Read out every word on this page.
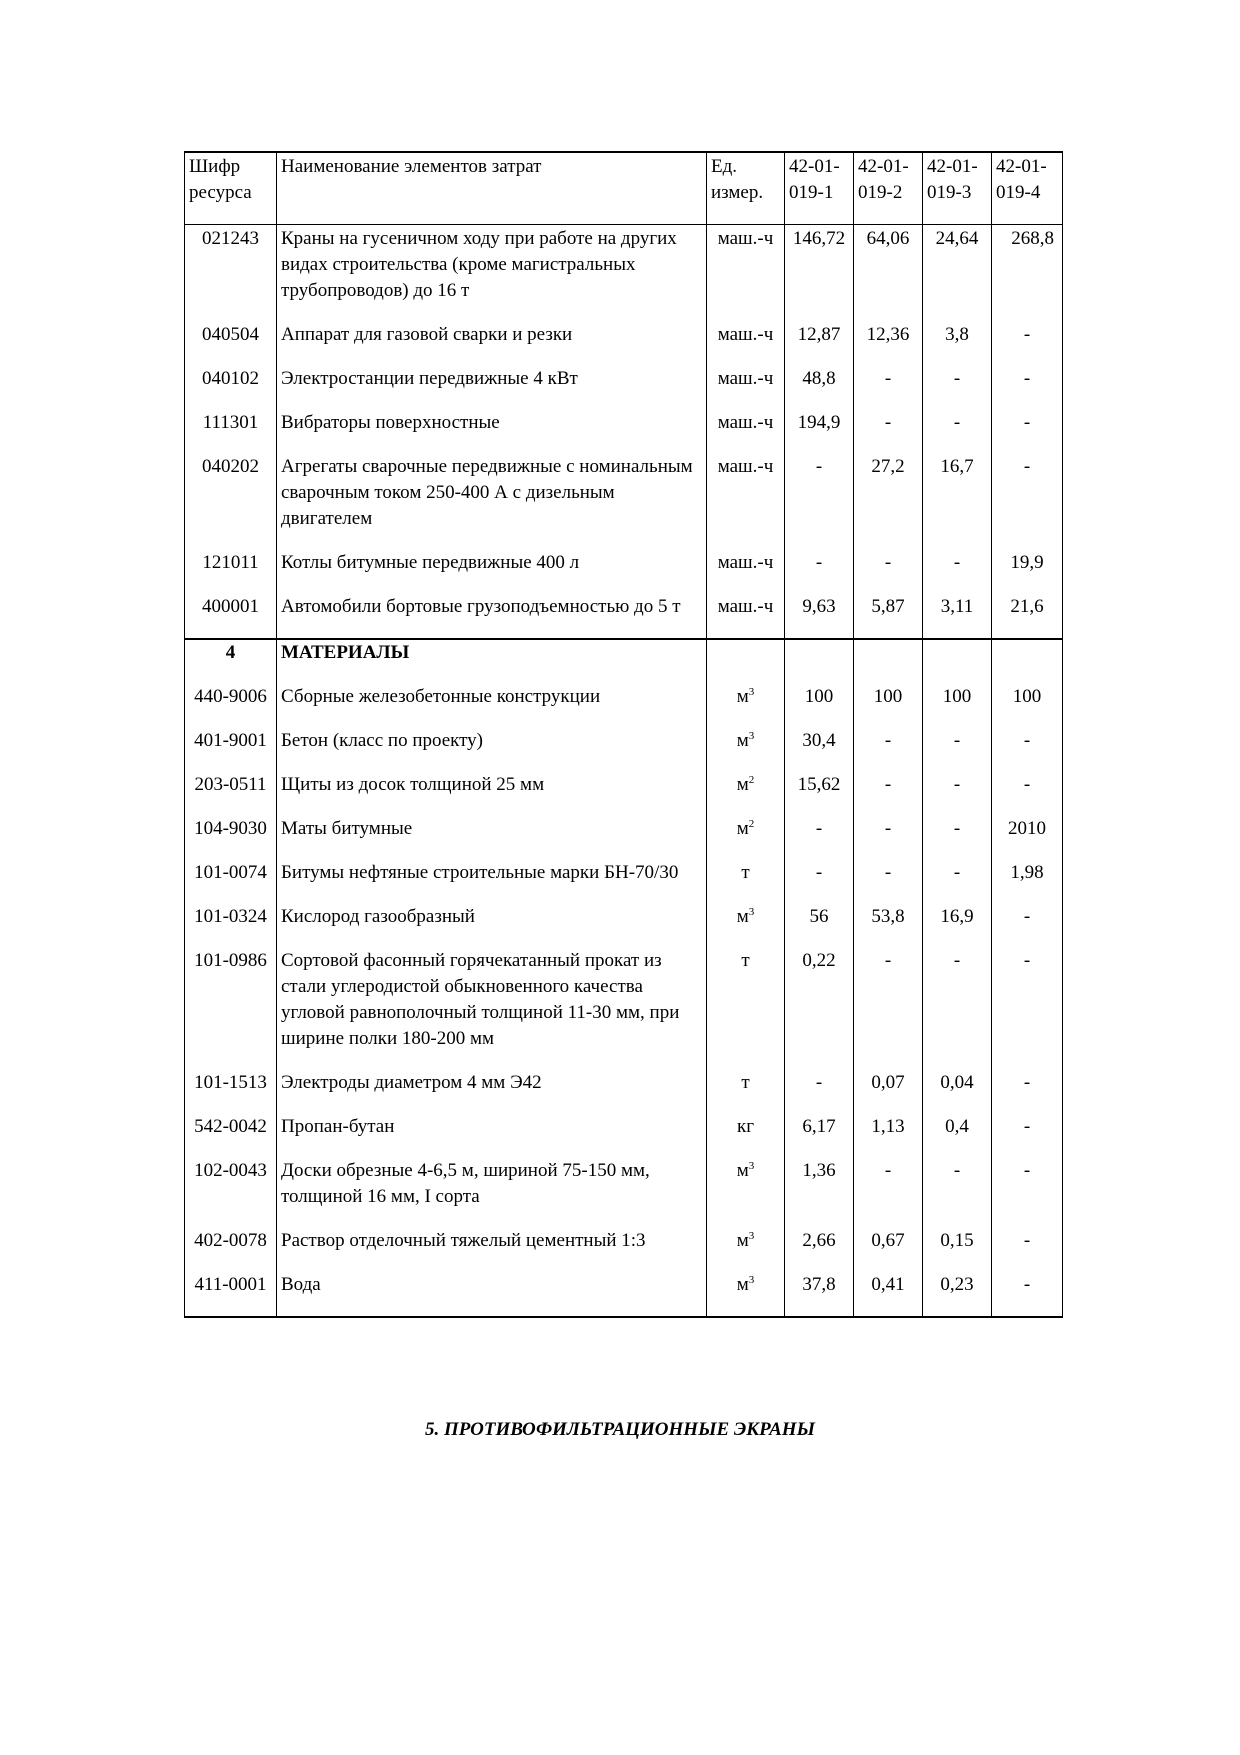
Шифр ресурса	Наименование элементов затрат	Ед. измер.	42-01-019-1	42-01-019-2	42-01-019-3	42-01-019-4
021243	Краны на гусеничном ходу при работе на других видах строительства (кроме магистральных трубопроводов) до 16 т	маш.-ч	146,72	64,06	24,64	268,8
040504	Аппарат для газовой сварки и резки	маш.-ч	12,87	12,36	3,8	-
040102	Электростанции передвижные 4 кВт	маш.-ч	48,8	-	-	-
111301	Вибраторы поверхностные	маш.-ч	194,9	-	-	-
040202	Агрегаты сварочные передвижные с номинальным сварочным током 250-400 А с дизельным двигателем	маш.-ч	-	27,2	16,7	-
121011	Котлы битумные передвижные 400 л	маш.-ч	-	-	-	19,9
400001	Автомобили бортовые грузоподъемностью до 5 т	маш.-ч	9,63	5,87	3,11	21,6
4	МАТЕРИАЛЫ					
440-9006	Сборные железобетонные конструкции	$м^3$	100	100	100	100
401-9001	Бетон (класс по проекту)	$м^3$	30,4	-	-	-
203-0511	Щиты из досок толщиной 25 мм	$м^2$	15,62	-	-	-
104-9030	Маты битумные	$м^2$	-	-	-	2010
101-0074	Битумы нефтяные строительные марки БН-70/30	т	-	-	-	1,98
101-0324	Кислород газообразный	$м^3$	56	53,8	16,9	-
101-0986	Сортовой фасонный горячекатанный прокат из стали углеродистой обыкновенного качества угловой равнополочный толщиной 11-30 мм, при ширине полки 180-200 мм	т	0,22	-	-	-
101-1513	Электроды диаметром 4 мм Э42	т	-	0,07	0,04	-
542-0042	Пропан-бутан	кг	6,17	1,13	0,4	-
102-0043	Доски обрезные 4-6,5 м, шириной 75-150 мм, толщиной 16 мм, I сорта	$м^3$	1,36	-	-	-
402-0078	Раствор отделочный тяжелый цементный 1:3	$м^3$	2,66	0,67	0,15	-
411-0001	Вода	$м^3$	37,8	0,41	0,23	-
5. ПРОТИВОФИЛЬТРАЦИОННЫЕ ЭКРАНЫ
